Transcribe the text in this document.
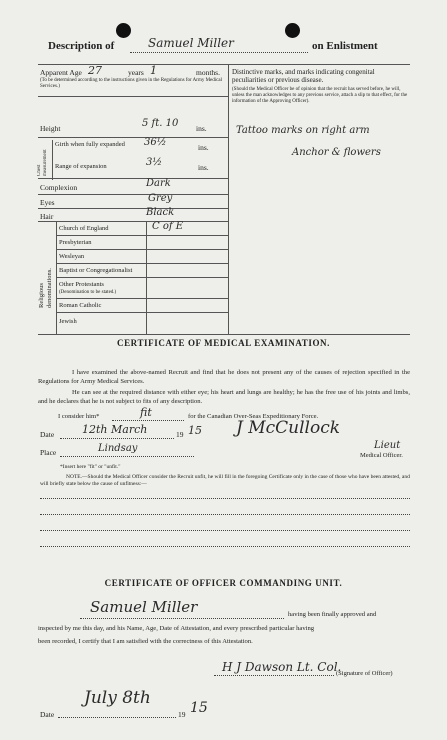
Description of	Samuel Miller	on Enlistment
Apparent Age 27	years 1	months.
(To be determined according to the instructions given in the Regulations for Army Medical Services.)
Height	5 ft. 10 ins.
Chest measurement
Girth when fully expanded	36½	ins.
Range of expansion	3½	ins.
Complexion	Dark
Eyes	Grey
Hair	Black
Religious denominations.
Church of England	C of E
Presbyterian
Wesleyan
Baptist or Congregationalist
Other Protestants
(Denomination to be stated.)
Roman Catholic
Jewish
Distinctive marks, and marks indicating congenital peculiarities or previous disease.
(Should the Medical Officer be of opinion that the recruit has served before, he will, unless the man acknowledges to any previous service, attach a slip to that effect, for the information of the Approving Officer).
Tattoo marks on right arm
Anchor & flowers
CERTIFICATE OF MEDICAL EXAMINATION.
I have examined the above-named Recruit and find that he does not present any of the causes of rejection specified in the Regulations for Army Medical Services.
He can see at the required distance with either eye; his heart and lungs are healthy; he has the free use of his joints and limbs, and he declares that he is not subject to fits of any description.
I consider him*	fit	for the Canadian Over-Seas Expeditionary Force.
Date	12th March	19 15
Place	Lindsay
J McCullock
Lieut
Medical Officer.
*Insert here "fit" or "unfit."
NOTE.—Should the Medical Officer consider the Recruit unfit, he will fill in the foregoing Certificate only in the case of those who have been attested, and will briefly state below the cause of unfitness:—
CERTIFICATE OF OFFICER COMMANDING UNIT.
Samuel Miller	having been finally approved and
inspected by me this day, and his Name, Age, Date of Attestation, and every prescribed particular having
been recorded, I certify that I am satisfied with the correctness of this Attestation.
H J Dawson Lt. Col.
(Signature of Officer)
Date
July 8th
19 15
